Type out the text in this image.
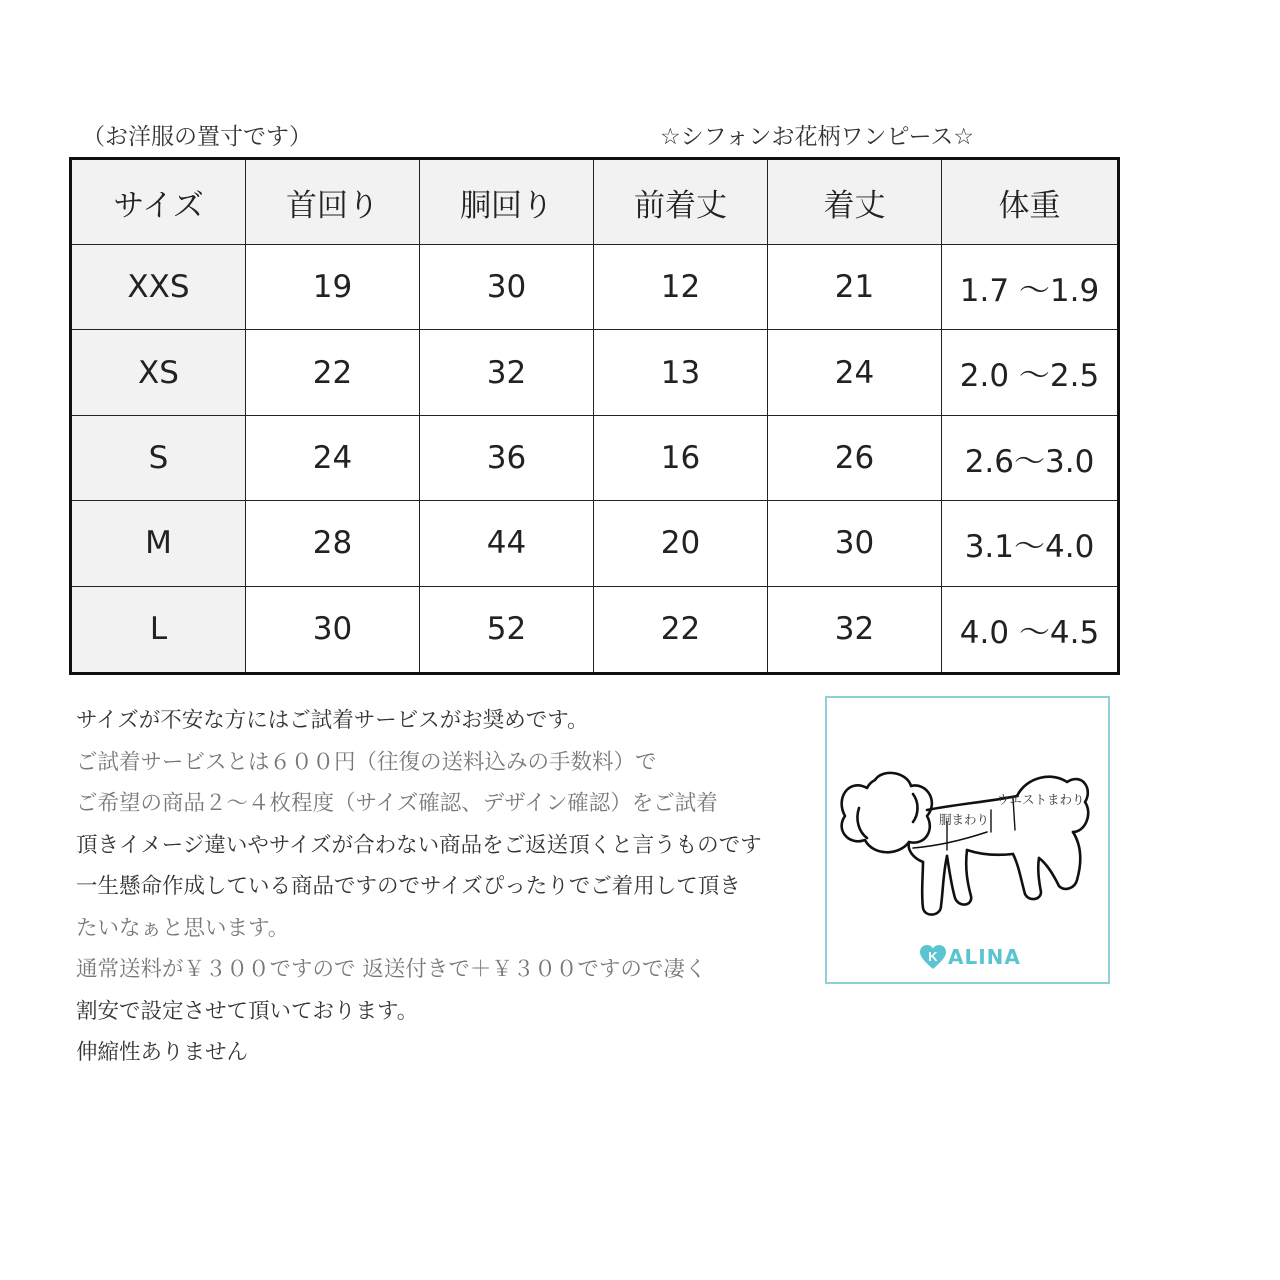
（お洋服の置寸です）	☆シフォンお花柄ワンピース☆
サイズ	首回り	胴回り	前着丈	着丈	体重
XXS	19	30	12	21	1.7 〜1.9
XS	22	32	13	24	2.0 〜2.5
S	24	36	16	26	2.6〜3.0
M	28	44	20	30	3.1〜4.0
L	30	52	22	32	4.0 〜4.5
サイズが不安な方にはご試着サービスがお奨めです。
ご試着サービスとは６００円（往復の送料込みの手数料）で
ご希望の商品２〜４枚程度（サイズ確認、デザイン確認）をご試着
頂きイメージ違いやサイズが合わない商品をご返送頂くと言うものです
一生懸命作成している商品ですのでサイズぴったりでご着用して頂き
たいなぁと思います。
通常送料が￥３００ですので 返送付きで＋￥３００ですので凄く
割安で設定させて頂いております。
伸縮性ありません
ウエストまわり
胴まわり
K ALINA
